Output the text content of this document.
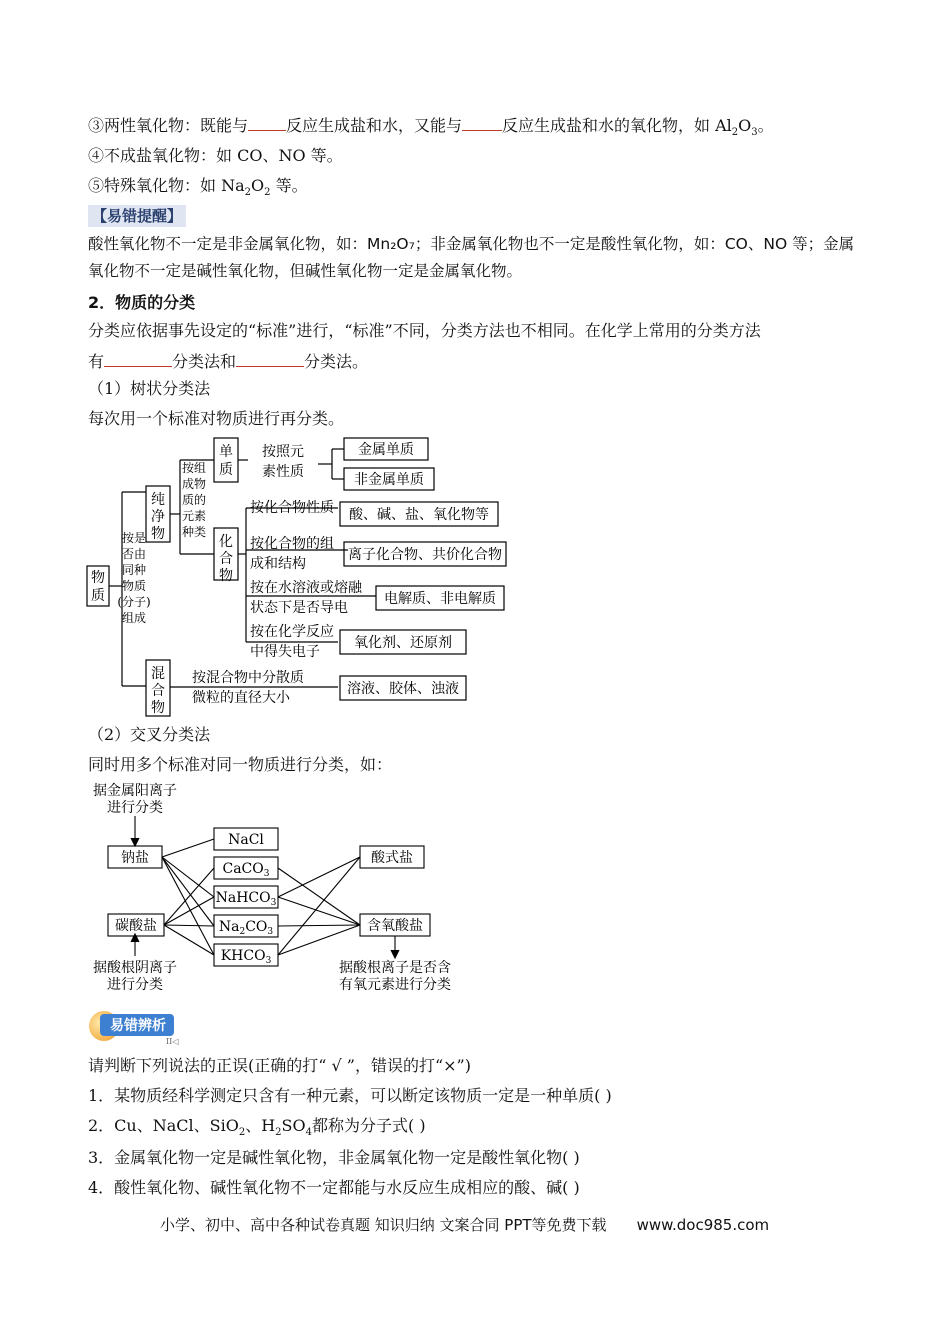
③两性氧化物：既能与 反应生成盐和水，又能与	反应生成盐和水的氧化物，如 $Al_2O_3$。
④不成盐氧化物：如 CO、NO 等。
⑤特殊氧化物：如 $Na_2O_2$ 等。
【易错提醒】
酸性氧化物不一定是非金属氧化物，如：Mn₂O₇；非金属氧化物也不一定是酸性氧化物，如：CO、NO 等；金属氧化物不一定是碱性氧化物，但碱性氧化物一定是金属氧化物。
2．物质的分类
分类应依据事先设定的“标准”进行，“标准”不同，分类方法也不相同。在化学上常用的分类方法
有	分类法和	分类法。
（1）树状分类法
每次用一个标准对物质进行再分类。
按是
否由
同种
物质
(分子)
组成
纯
净
物
混
合
物
单
质
化
合
物
按组
成物
质的
元素
种类
按照元
素性质
金属单质
非金属单质
按化合物性质 酸、碱、盐、氧化物等
按化合物的组
成和结构
离子化合物、共价化合物
按在水溶液或熔融
状态下是否导电
电解质、非电解质
按在化学反应
中得失电子
氧化剂、还原剂
按混合物中分散质
微粒的直径大小
溶液、胶体、浊液
物
质
（2）交叉分类法
同时用多个标准对同一物质进行分类，如：
据金属阳离子
进行分类
据酸根阴离子
进行分类
据酸根离子是否含
有氧元素进行分类
钠盐
碳酸盐
酸式盐
含氧酸盐
NaCl
CaCO$_3$
NaHCO$_3$
$Na_2CO_3$
$KHCO_3$
易错辨析
II◁
请判断下列说法的正误(正确的打“ √ ”，错误的打“×”)
1．某物质经科学测定只含有一种元素，可以断定该物质一定是一种单质( )
2．Cu、NaCl、SiO$_2$、$H_2SO_4$都称为分子式( )
3．金属氧化物一定是碱性氧化物，非金属氧化物一定是酸性氧化物( )
4．酸性氧化物、碱性氧化物不一定都能与水反应生成相应的酸、碱( )
小学、初中、高中各种试卷真题 知识归纳 文案合同 PPT等免费下载 www.doc985.com
